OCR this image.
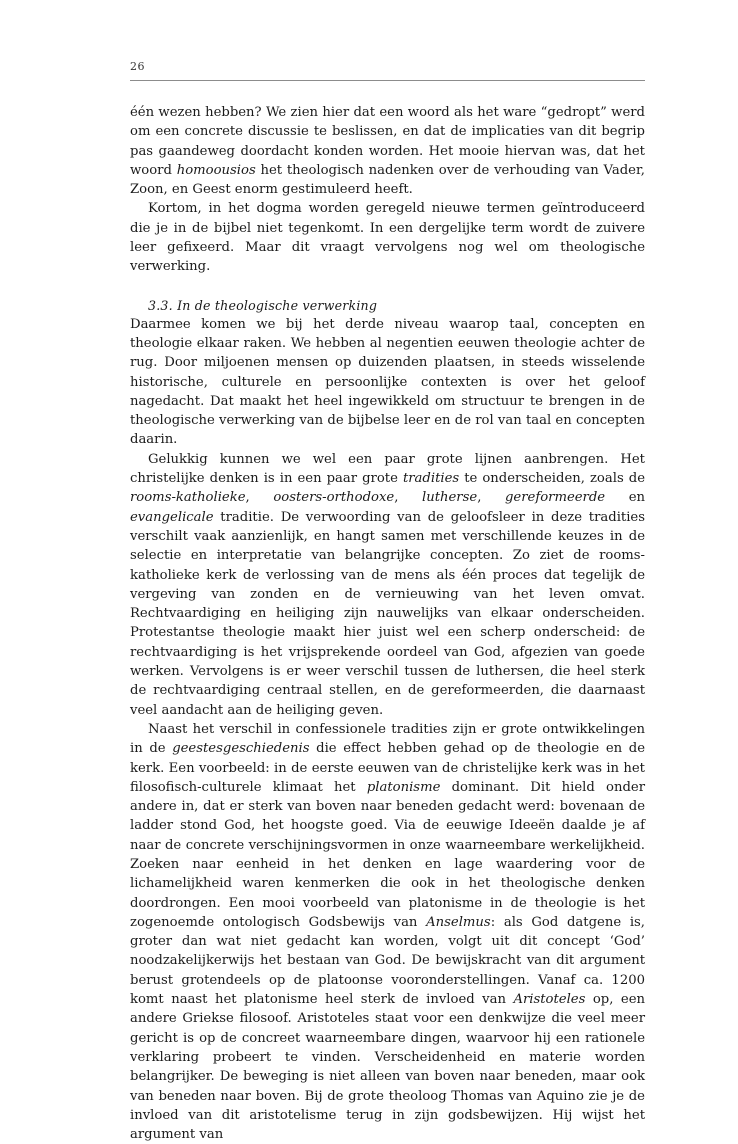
26

één wezen hebben? We zien hier dat een woord als het ware “gedropt” werd om een concrete discussie te beslissen, en dat de implicaties van dit begrip pas gaandeweg doordacht konden worden. Het mooie hiervan was, dat het woord homoousios het theologisch nadenken over de verhouding van Vader, Zoon, en Geest enorm gestimuleerd heeft.

Kortom, in het dogma worden geregeld nieuwe termen geïntroduceerd die je in de bijbel niet tegenkomt. In een dergelijke term wordt de zuivere leer gefixeerd. Maar dit vraagt vervolgens nog wel om theologische verwerking.

3.3. In de theologische verwerking

Daarmee komen we bij het derde niveau waarop taal, concepten en theologie elkaar raken. We hebben al negentien eeuwen theologie achter de rug. Door miljoenen mensen op duizenden plaatsen, in steeds wisselende historische, culturele en persoonlijke contexten is over het geloof nagedacht. Dat maakt het heel ingewikkeld om structuur te brengen in de theologische verwerking van de bijbelse leer en de rol van taal en concepten daarin.

Gelukkig kunnen we wel een paar grote lijnen aanbrengen. Het christelijke denken is in een paar grote tradities te onderscheiden, zoals de rooms-katholieke, oosters-orthodoxe, lutherse, gereformeerde en evangelicale traditie. De verwoording van de geloofsleer in deze tradities verschilt vaak aanzienlijk, en hangt samen met verschillende keuzes in de selectie en interpretatie van belangrijke concepten. Zo ziet de rooms-katholieke kerk de verlossing van de mens als één proces dat tegelijk de vergeving van zonden en de vernieuwing van het leven omvat. Rechtvaardiging en heiliging zijn nauwelijks van elkaar onderscheiden. Protestantse theologie maakt hier juist wel een scherp onderscheid: de rechtvaardiging is het vrijsprekende oordeel van God, afgezien van goede werken. Vervolgens is er weer verschil tussen de luthersen, die heel sterk de rechtvaardiging centraal stellen, en de gereformeerden, die daarnaast veel aandacht aan de heiliging geven.

Naast het verschil in confessionele tradities zijn er grote ontwikkelingen in de geestesgeschiedenis die effect hebben gehad op de theologie en de kerk. Een voorbeeld: in de eerste eeuwen van de christelijke kerk was in het filosofisch-culturele klimaat het platonisme dominant. Dit hield onder andere in, dat er sterk van boven naar beneden gedacht werd: bovenaan de ladder stond God, het hoogste goed. Via de eeuwige Ideeën daalde je af naar de concrete verschijningsvormen in onze waarneembare werkelijkheid. Zoeken naar eenheid in het denken en lage waardering voor de lichamelijkheid waren kenmerken die ook in het theologische denken doordrongen. Een mooi voorbeeld van platonisme in de theologie is het zogenoemde ontologisch Godsbewijs van Anselmus: als God datgene is, groter dan wat niet gedacht kan worden, volgt uit dit concept ‘God’ noodzakelijkerwijs het bestaan van God. De bewijskracht van dit argument berust grotendeels op de platoonse vooronderstellingen. Vanaf ca. 1200 komt naast het platonisme heel sterk de invloed van Aristoteles op, een andere Griekse filosoof. Aristoteles staat voor een denkwijze die veel meer gericht is op de concreet waarneembare dingen, waarvoor hij een rationele verklaring probeert te vinden. Verscheidenheid en materie worden belangrijker. De beweging is niet alleen van boven naar beneden, maar ook van beneden naar boven. Bij de grote theoloog Thomas van Aquino zie je de invloed van dit aristotelisme terug in zijn godsbewijzen. Hij wijst het argument van
